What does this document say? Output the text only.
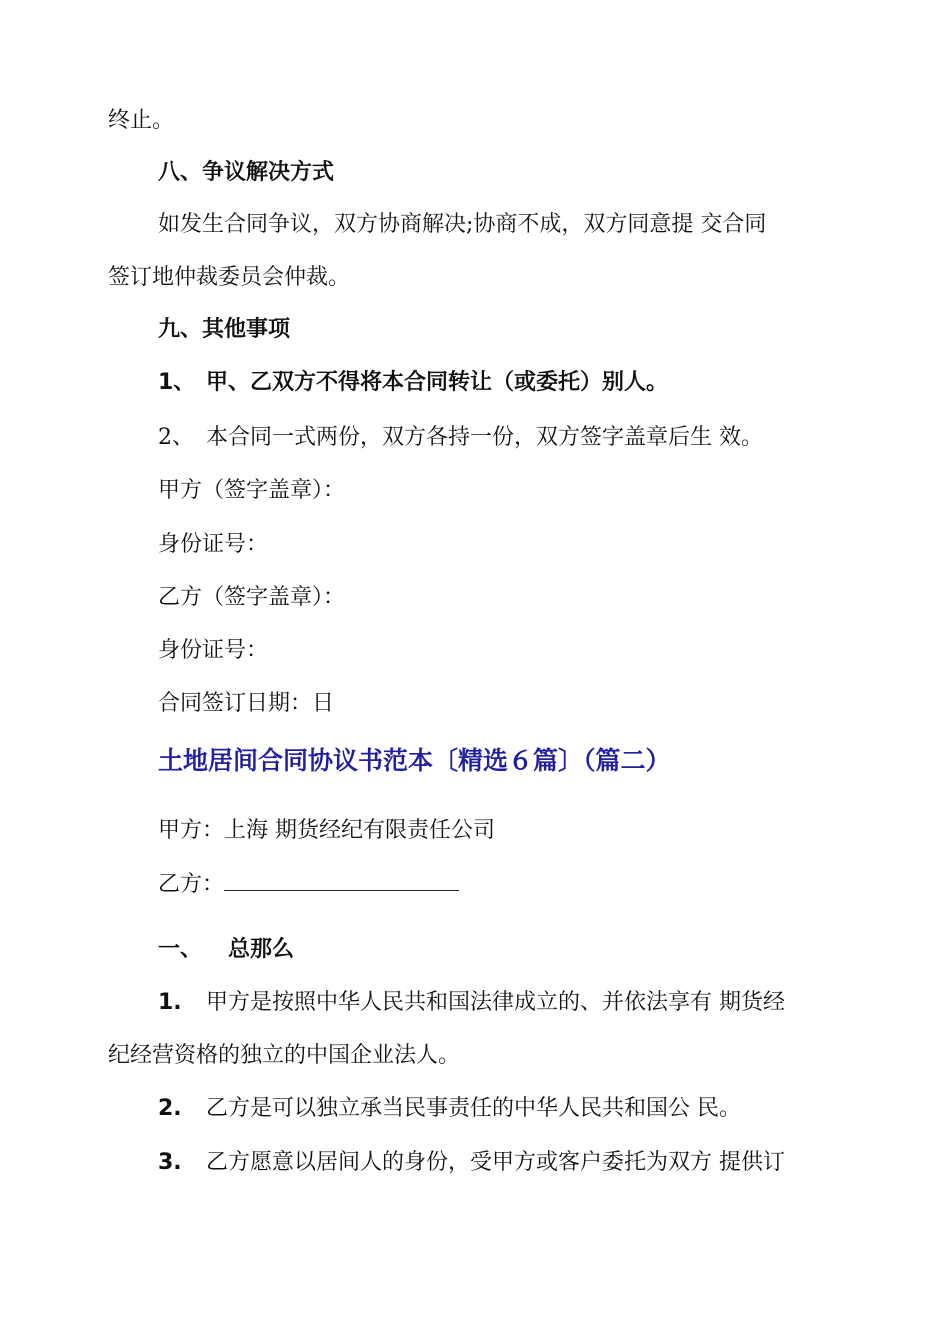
终止。
八、争议解决方式
如发生合同争议，双方协商解决;协商不成，双方同意提 交合同
签订地仲裁委员会仲裁。
九、其他事项
1、 甲、乙双方不得将本合同转让（或委托）别人。
2、 本合同一式两份，双方各持一份，双方签字盖章后生 效。
甲方（签字盖章）：
身份证号：
乙方（签字盖章）：
身份证号：
合同签订日期：日
土地居间合同协议书范本〔精选６篇〕（篇二）
甲方：上海 期货经纪有限责任公司
乙方：
一、 总那么
1. 甲方是按照中华人民共和国法律成立的、并依法享有 期货经
纪经营资格的独立的中国企业法人。
2. 乙方是可以独立承当民事责任的中华人民共和国公 民。
3. 乙方愿意以居间人的身份，受甲方或客户委托为双方 提供订
